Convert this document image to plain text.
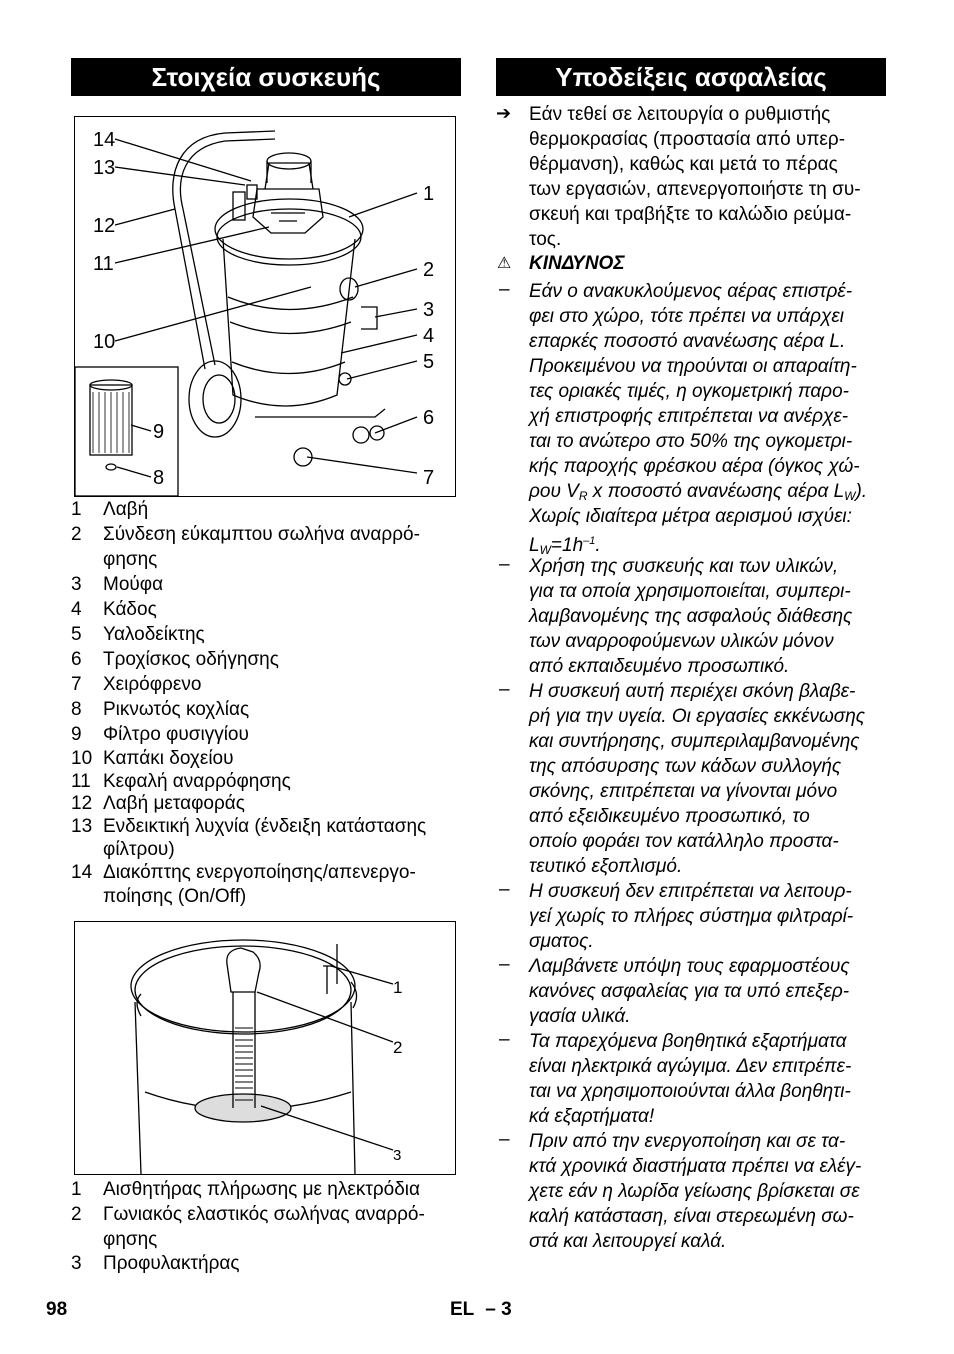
Στοιχεία συσκευής
14
13
12
11
10
1
2
3
4
5
6
7
9
8
1	Λαβή
2	Σύνδεση εύκαμπτου σωλήνα αναρρό-
φησης
3	Μούφα
4	Κάδος
5	Υαλοδείκτης
6	Τροχίσκος οδήγησης
7	Χειρόφρενο
8	Ρικνωτός κοχλίας
9	Φίλτρο φυσιγγίου
10 Καπάκι δοχείου
11 Κεφαλή αναρρόφησης
12 Λαβή μεταφοράς
13 Ενδεικτική λυχνία (ένδειξη κατάστασης
φίλτρου)
14 Διακόπτης ενεργοποίησης/απενεργο-
ποίησης (On/Off)
1
2
3
1	Αισθητήρας πλήρωσης με ηλεκτρόδια
2	Γωνιακός ελαστικός σωλήνας αναρρό-
φησης
3	Προφυλακτήρας
Υποδείξεις ασφαλείας
➔ Εάν τεθεί σε λειτουργία ο ρυθμιστής
θερμοκρασίας (προστασία από υπερ-
θέρμανση), καθώς και μετά το πέρας
των εργασιών, απενεργοποιήστε τη συ-
σκευή και τραβήξτε το καλώδιο ρεύμα-
τος.
⚠ ΚΙΝΔΥΝΟΣ
– Εάν ο ανακυκλούμενος αέρας επιστρέ-
φει στο χώρο, τότε πρέπει να υπάρχει
επαρκές ποσοστό ανανέωσης αέρα L.
Προκειμένου να τηρούνται οι απαραίτη-
τες οριακές τιμές, η ογκομετρική παρο-
χή επιστροφής επιτρέπεται να ανέρχε-
ται το ανώτερο στο 50% της ογκομετρι-
κής παροχής φρέσκου αέρα (όγκος χώ-
ρου $V_R$ x ποσοστό ανανέωσης αέρα $L_W$).
Χωρίς ιδιαίτερα μέτρα αερισμού ισχύει:
$L_W=1h^{-1}$.
– Χρήση της συσκευής και των υλικών,
για τα οποία χρησιμοποιείται, συμπερι-
λαμβανομένης της ασφαλούς διάθεσης
των αναρροφούμενων υλικών μόνον
από εκπαιδευμένο προσωπικό.
– Η συσκευή αυτή περιέχει σκόνη βλαβε-
ρή για την υγεία. Οι εργασίες εκκένωσης
και συντήρησης, συμπεριλαμβανομένης
της απόσυρσης των κάδων συλλογής
σκόνης, επιτρέπεται να γίνονται μόνο
από εξειδικευμένο προσωπικό, το
οποίο φοράει τον κατάλληλο προστα-
τευτικό εξοπλισμό.
– Η συσκευή δεν επιτρέπεται να λειτουρ-
γεί χωρίς το πλήρες σύστημα φιλτραρί-
σματος.
– Λαμβάνετε υπόψη τους εφαρμοστέους
κανόνες ασφαλείας για τα υπό επεξερ-
γασία υλικά.
– Τα παρεχόμενα βοηθητικά εξαρτήματα
είναι ηλεκτρικά αγώγιμα. Δεν επιτρέπε-
ται να χρησιμοποιούνται άλλα βοηθητι-
κά εξαρτήματα!
– Πριν από την ενεργοποίηση και σε τα-
κτά χρονικά διαστήματα πρέπει να ελέγ-
χετε εάν η λωρίδα γείωσης βρίσκεται σε
καλή κατάσταση, είναι στερεωμένη σω-
στά και λειτουργεί καλά.
98	EL – 3
